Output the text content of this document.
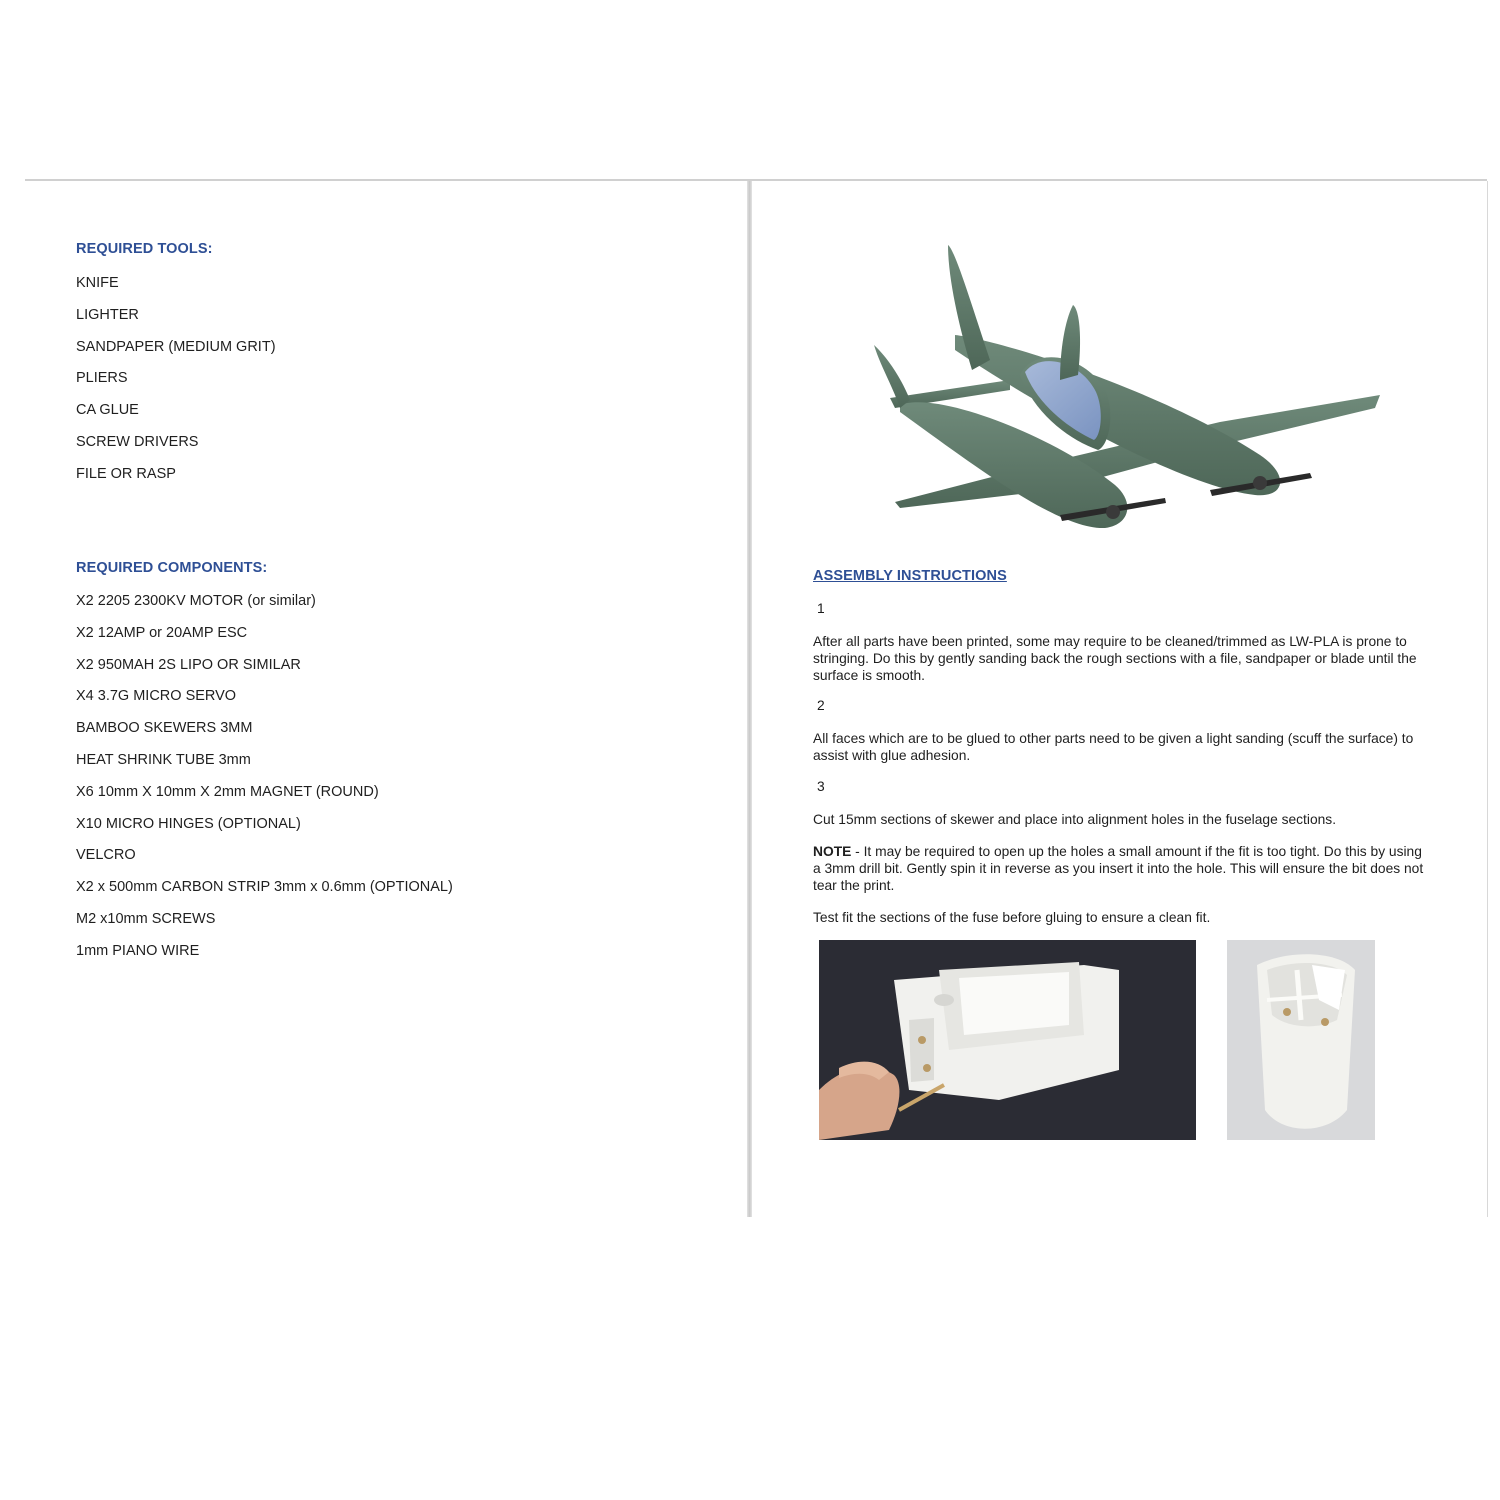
REQUIRED TOOLS:
KNIFE
LIGHTER
SANDPAPER (MEDIUM GRIT)
PLIERS
CA GLUE
SCREW DRIVERS
FILE OR RASP
REQUIRED COMPONENTS:
X2 2205 2300KV MOTOR (or similar)
X2 12AMP or 20AMP ESC
X2 950MAH 2S LIPO OR SIMILAR
X4 3.7G MICRO SERVO
BAMBOO SKEWERS 3MM
HEAT SHRINK TUBE 3mm
X6 10mm X 10mm X 2mm MAGNET (ROUND)
X10 MICRO HINGES (OPTIONAL)
VELCRO
X2 x 500mm CARBON STRIP 3mm x 0.6mm (OPTIONAL)
M2 x10mm SCREWS
1mm PIANO WIRE
ASSEMBLY INSTRUCTIONS
1

After all parts have been printed, some may require to be cleaned/trimmed as LW-PLA is prone to stringing. Do this by gently sanding back the rough sections with a file, sandpaper or blade until the surface is smooth.

2

All faces which are to be glued to other parts need to be given a light sanding (scuff the surface) to assist with glue adhesion.

3

Cut 15mm sections of skewer and place into alignment holes in the fuselage sections.

NOTE - It may be required to open up the holes a small amount if the fit is too tight. Do this by using a 3mm drill bit. Gently spin it in reverse as you insert it into the hole. This will ensure the bit does not tear the print.

Test fit the sections of the fuse before gluing to ensure a clean fit.
